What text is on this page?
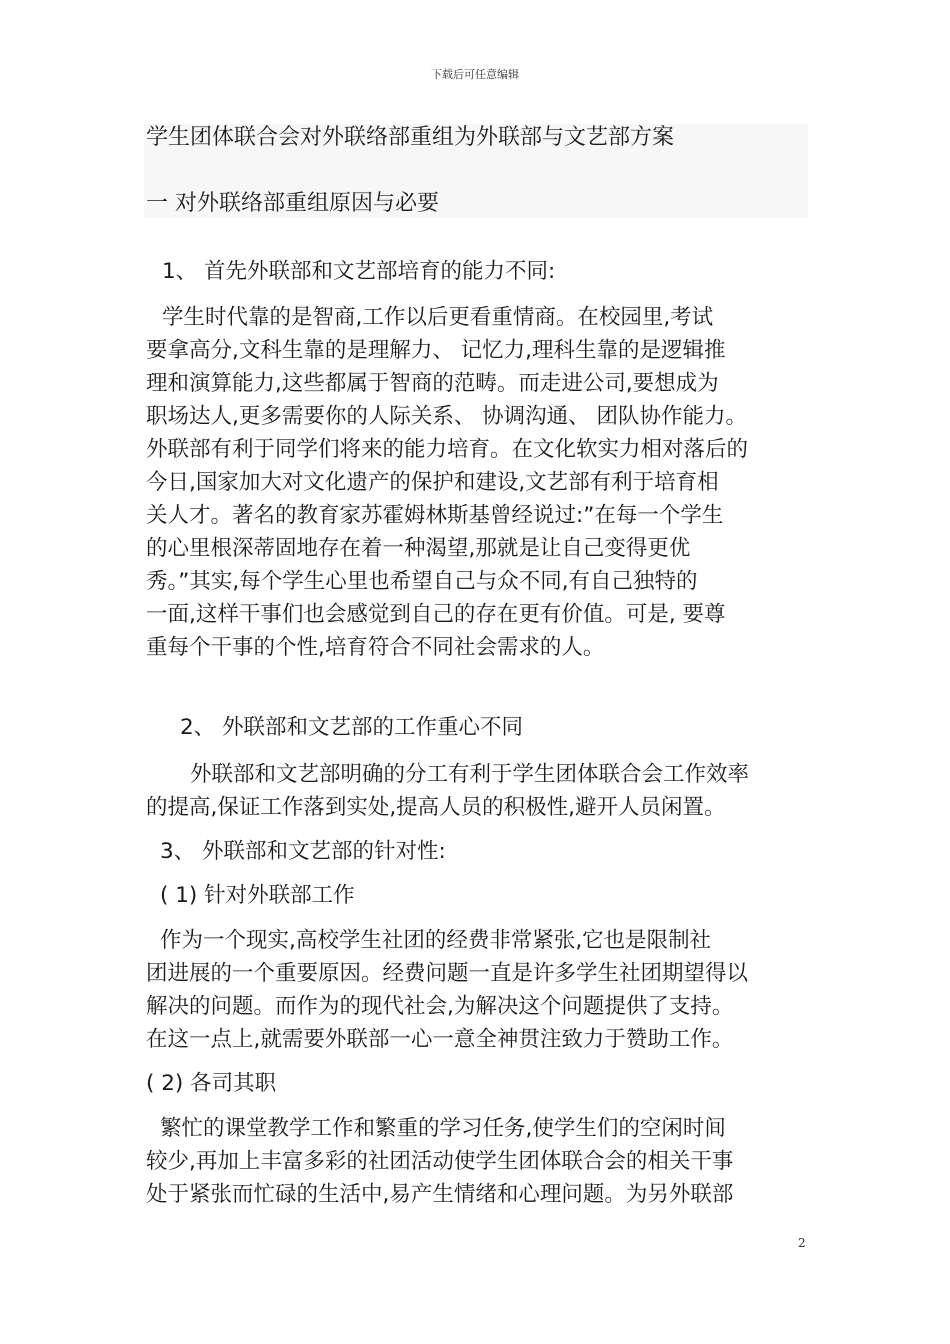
下载后可任意编辑
学生团体联合会对外联络部重组为外联部与文艺部方案
一 对外联络部重组原因与必要
1、 首先外联部和文艺部培育的能力不同:
学生时代靠的是智商,工作以后更看重情商。在校园里,考试
要拿高分,文科生靠的是理解力、 记忆力,理科生靠的是逻辑推
理和演算能力,这些都属于智商的范畴。而走进公司,要想成为
职场达人,更多需要你的人际关系、 协调沟通、 团队协作能力。
外联部有利于同学们将来的能力培育。在文化软实力相对落后的
今日,国家加大对文化遗产的保护和建设,文艺部有利于培育相
关人才。著名的教育家苏霍姆林斯基曾经说过:”在每一个学生
的心里根深蒂固地存在着一种渴望,那就是让自己变得更优
秀。”其实,每个学生心里也希望自己与众不同,有自己独特的
一面,这样干事们也会感觉到自己的存在更有价值。可是, 要尊
重每个干事的个性,培育符合不同社会需求的人。
2、 外联部和文艺部的工作重心不同
外联部和文艺部明确的分工有利于学生团体联合会工作效率
的提高,保证工作落到实处,提高人员的积极性,避开人员闲置。
3、 外联部和文艺部的针对性:
( 1) 针对外联部工作
作为一个现实,高校学生社团的经费非常紧张,它也是限制社
团进展的一个重要原因。经费问题一直是许多学生社团期望得以
解决的问题。而作为的现代社会,为解决这个问题提供了支持。
在这一点上,就需要外联部一心一意全神贯注致力于赞助工作。
( 2) 各司其职
繁忙的课堂教学工作和繁重的学习任务,使学生们的空闲时间
较少,再加上丰富多彩的社团活动使学生团体联合会的相关干事
处于紧张而忙碌的生活中,易产生情绪和心理问题。为另外联部
2
